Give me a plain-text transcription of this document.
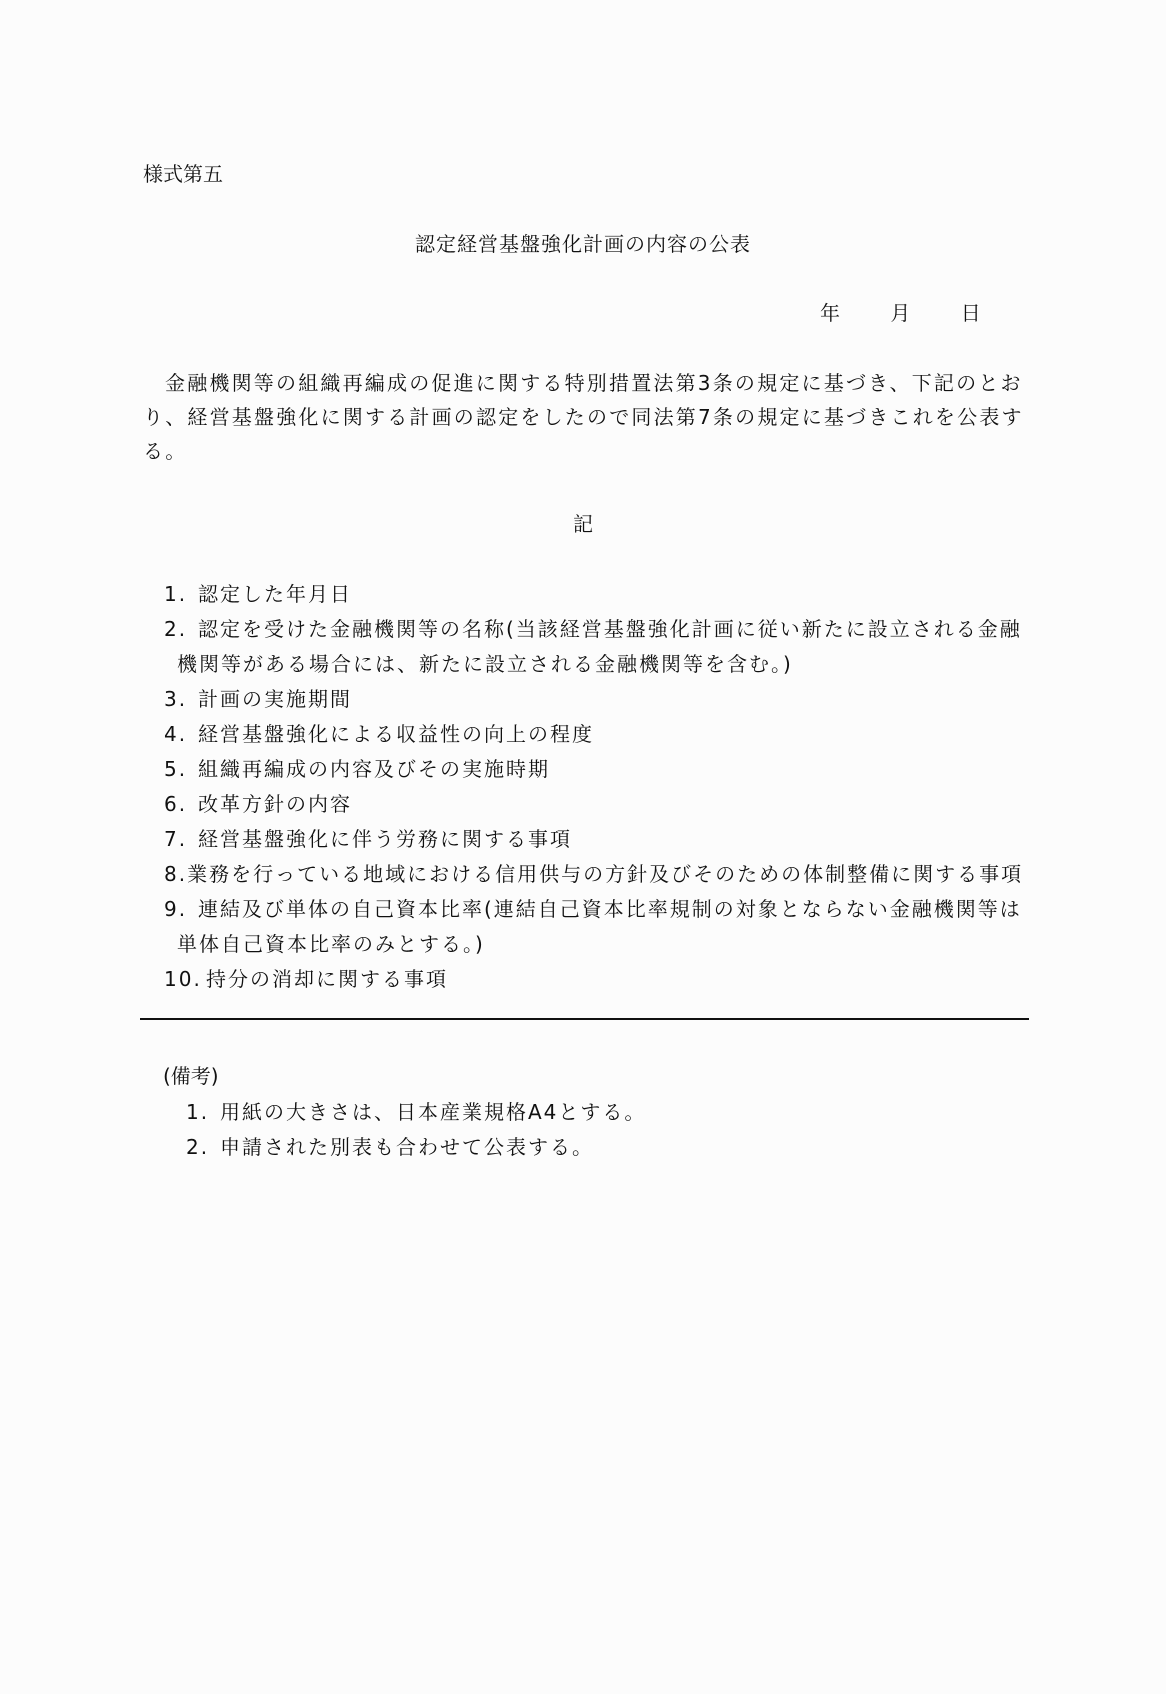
様式第五
認定経営基盤強化計画の内容の公表
年	月	日
金融機関等の組織再編成の促進に関する特別措置法第3条の規定に基づき、下記のとお
り、経営基盤強化に関する計画の認定をしたので同法第7条の規定に基づきこれを公表す
る。
記
1. 認定した年月日
2. 認定を受けた金融機関等の名称(当該経営基盤強化計画に従い新たに設立される金融
機関等がある場合には、新たに設立される金融機関等を含む。)
3. 計画の実施期間
4. 経営基盤強化による収益性の向上の程度
5. 組織再編成の内容及びその実施時期
6. 改革方針の内容
7. 経営基盤強化に伴う労務に関する事項
8.業務を行っている地域における信用供与の方針及びそのための体制整備に関する事項
9. 連結及び単体の自己資本比率(連結自己資本比率規制の対象とならない金融機関等は
単体自己資本比率のみとする。)
10. 持分の消却に関する事項
(備考)
1. 用紙の大きさは、日本産業規格A4とする。
2. 申請された別表も合わせて公表する。
